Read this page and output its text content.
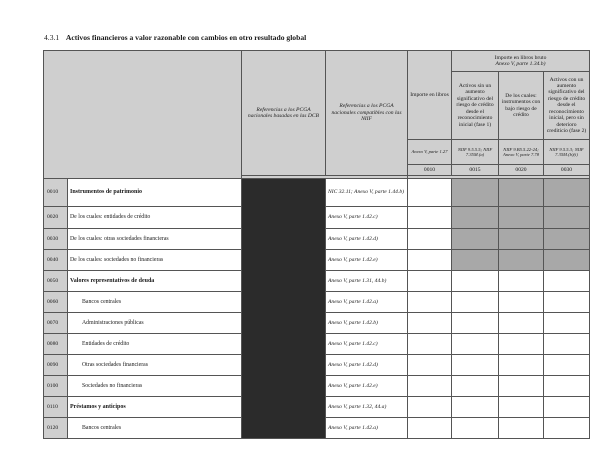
4.3.1 Activos financieros a valor razonable con cambios en otro resultado global
		Referencias a los PCGA nacionales basadas en las DCB	Referencias a los PCGA nacionales compatibles con las NIIF	Importe en libros	Importe en libros bruto
Anexo V, parte 1.34.b)		

					Activos sin un aumento significativo del riesgo de crédito desde el reconocimiento inicial (fase 1)	De los cuales: instrumentos con bajo riesgo de crédito	Activos con un aumento significativo del riesgo de crédito desde el reconocimiento inicial, pero sin deterioro crediticio (fase 2)
				Anexo V, parte 1.27	NIIF 9.5.5.5; NIIF 7.35M.(a)	NIIF 9.B5.5.22-24; Anexo V, parte 7.78	NIIF 9.5.5.3; NIIF 7.35M.(b)(i)
				0010	0015	0020	0030

0010	Instrumentos de patrimonio		NIC 32.11; Anexo V, parte 1.44.b)				
0020	De los cuales: entidades de crédito		Anexo V, parte 1.42.c)				
0030	De los cuales: otras sociedades financieras		Anexo V, parte 1.42.d)				
0040	De los cuales: sociedades no financieras		Anexo V, parte 1.42.e)				
0050	Valores representativos de deuda		Anexo V, parte 1.31, 44.b)				
0060	Bancos centrales		Anexo V, parte 1.42.a)				
0070	Administraciones públicas		Anexo V, parte 1.42.b)				
0080	Entidades de crédito		Anexo V, parte 1.42.c)				
0090	Otras sociedades financieras		Anexo V, parte 1.42.d)				
0100	Sociedades no financieras		Anexo V, parte 1.42.e)				
0110	Préstamos y anticipos		Anexo V, parte 1.32, 44.a)				
0120	Bancos centrales		Anexo V, parte 1.42.a)				
